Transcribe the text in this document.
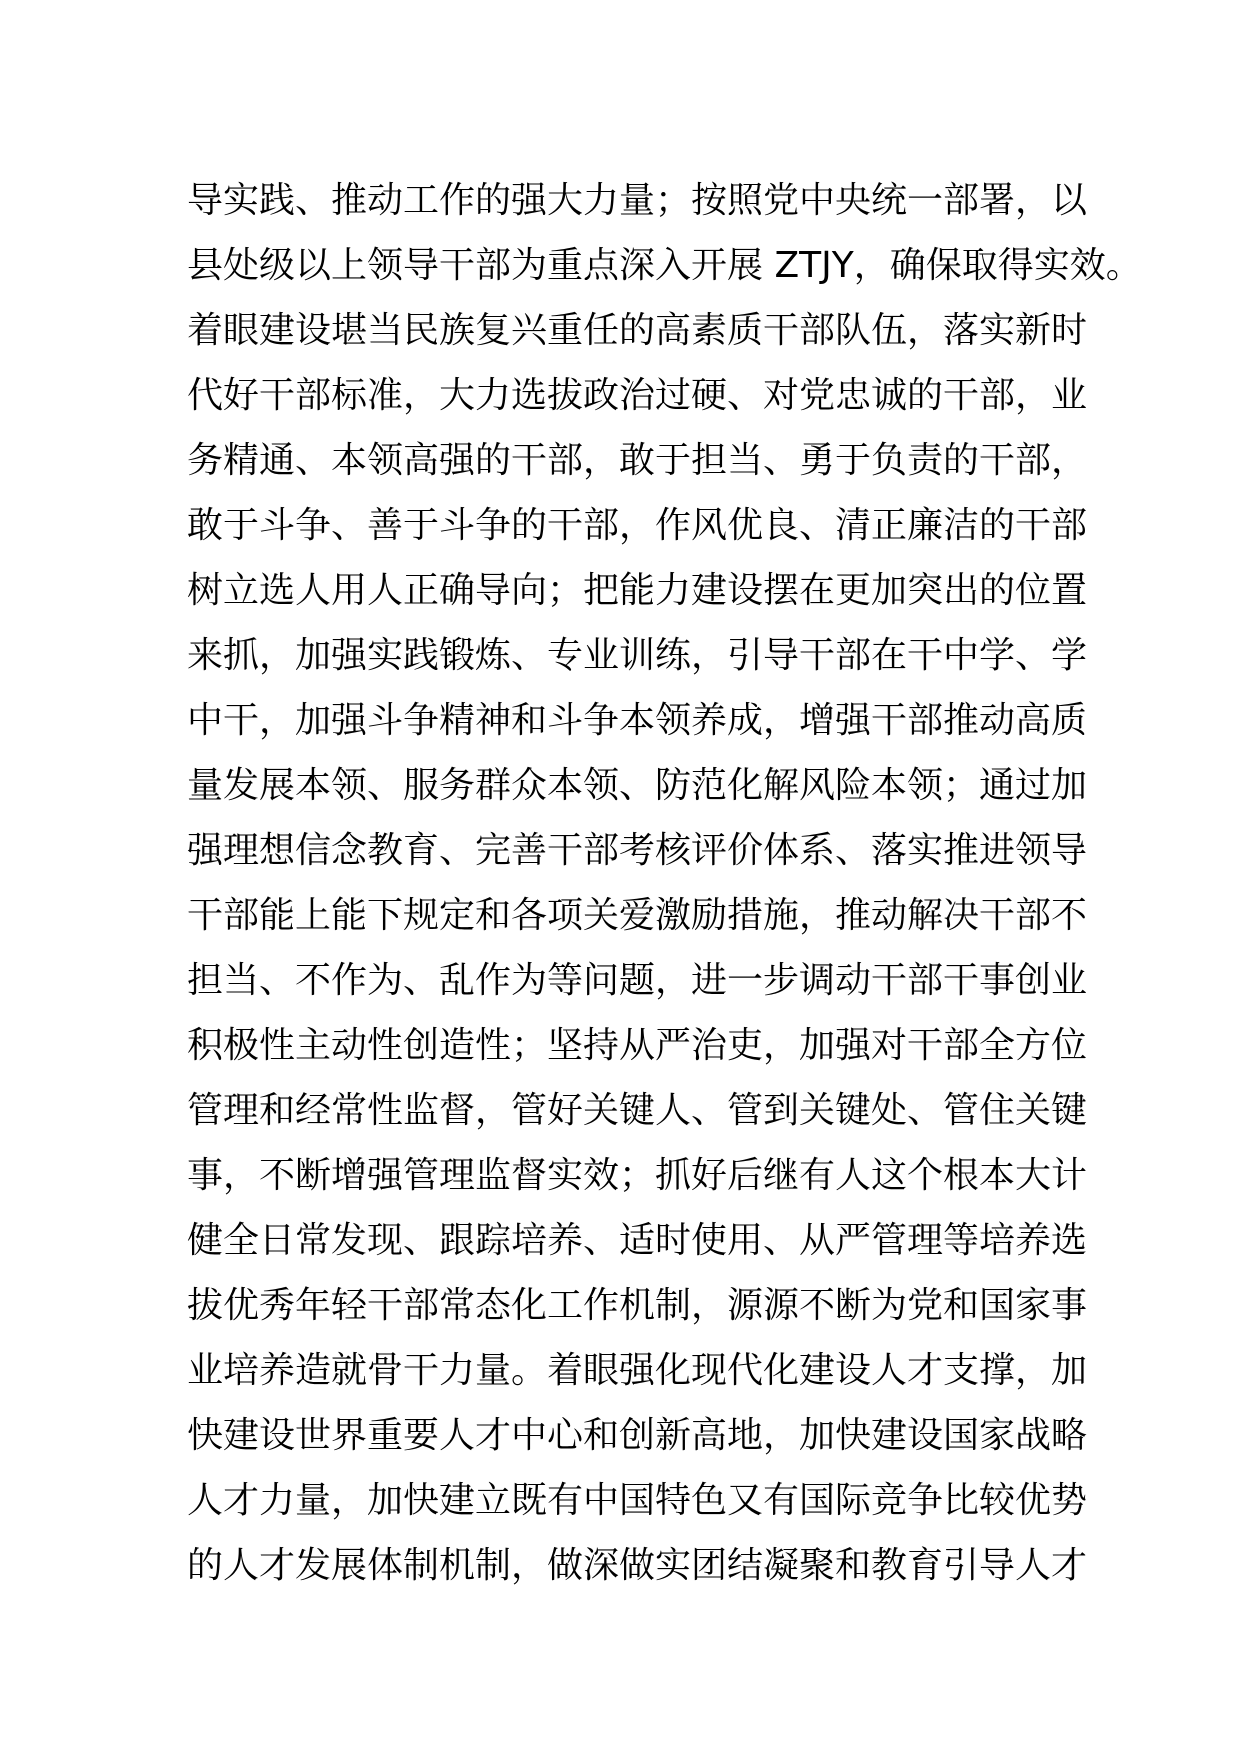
导实践、推动工作的强大力量；按照党中央统一部署，以
县处级以上领导干部为重点深入开展 ZTJY，确保取得实效。
着眼建设堪当民族复兴重任的高素质干部队伍，落实新时
代好干部标准，大力选拔政治过硬、对党忠诚的干部，业
务精通、本领高强的干部，敢于担当、勇于负责的干部，
敢于斗争、善于斗争的干部，作风优良、清正廉洁的干部
树立选人用人正确导向；把能力建设摆在更加突出的位置
来抓，加强实践锻炼、专业训练，引导干部在干中学、学
中干，加强斗争精神和斗争本领养成，增强干部推动高质
量发展本领、服务群众本领、防范化解风险本领；通过加
强理想信念教育、完善干部考核评价体系、落实推进领导
干部能上能下规定和各项关爱激励措施，推动解决干部不
担当、不作为、乱作为等问题，进一步调动干部干事创业
积极性主动性创造性；坚持从严治吏，加强对干部全方位
管理和经常性监督，管好关键人、管到关键处、管住关键
事，不断增强管理监督实效；抓好后继有人这个根本大计
健全日常发现、跟踪培养、适时使用、从严管理等培养选
拔优秀年轻干部常态化工作机制，源源不断为党和国家事
业培养造就骨干力量。着眼强化现代化建设人才支撑，加
快建设世界重要人才中心和创新高地，加快建设国家战略
人才力量，加快建立既有中国特色又有国际竞争比较优势
的人才发展体制机制，做深做实团结凝聚和教育引导人才
